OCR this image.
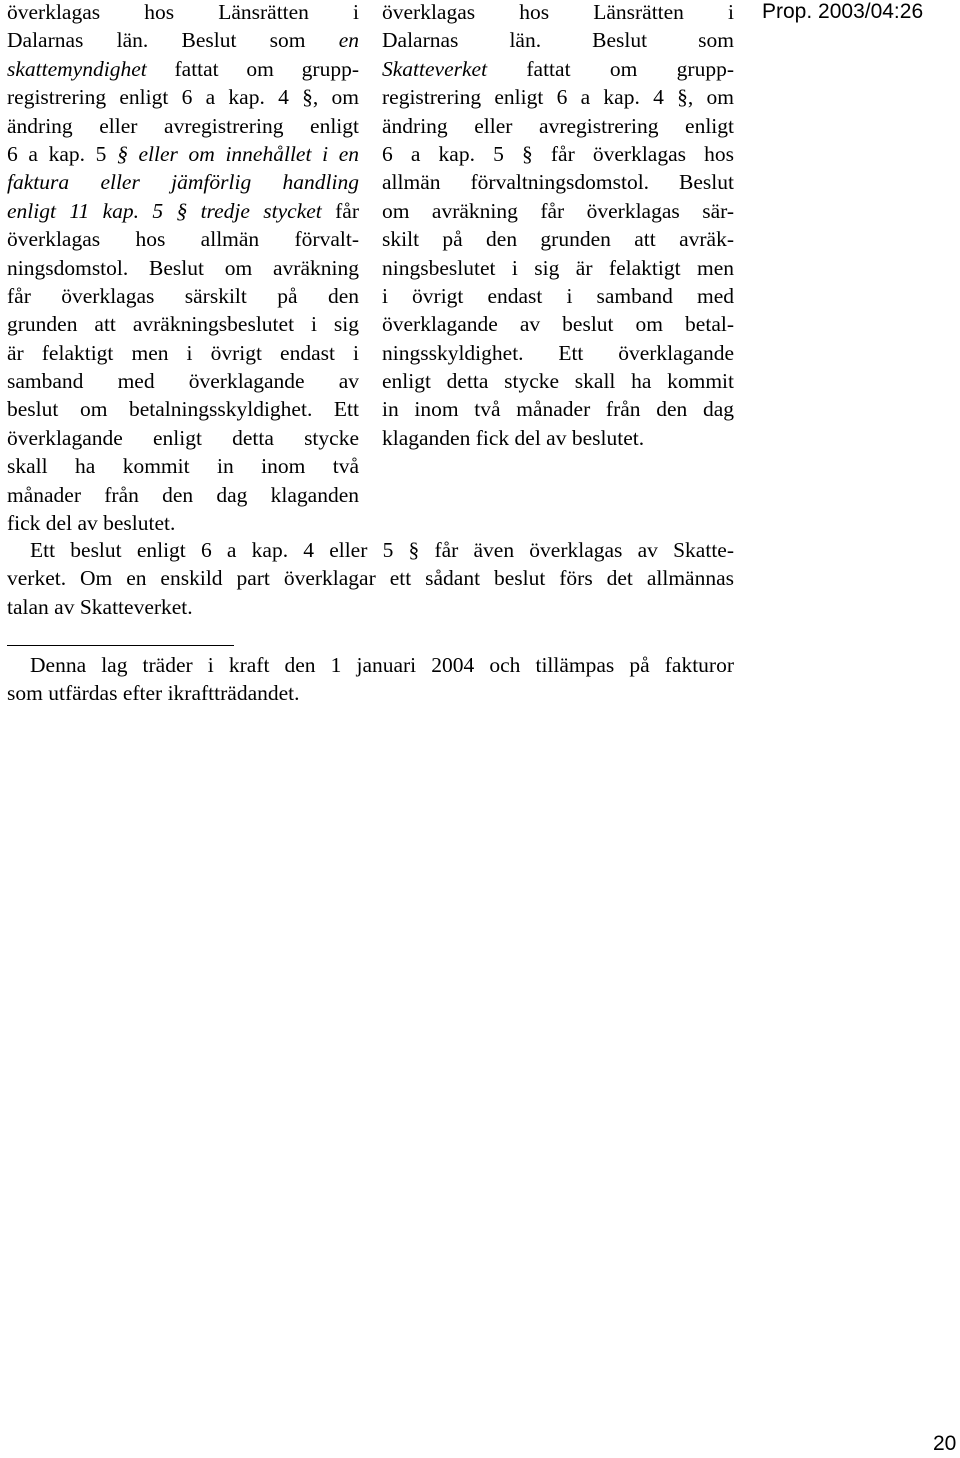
Prop. 2003/04:26
överklagas hos Länsrätten i
Dalarnas län. Beslut som en
skattemyndighet fattat om grupp-
registrering enligt 6 a kap. 4 §, om
ändring eller avregistrering enligt
6 a kap. 5 § eller om innehållet i en
faktura eller jämförlig handling
enligt 11 kap. 5 § tredje stycket får
överklagas hos allmän förvalt-
ningsdomstol. Beslut om avräkning
får överklagas särskilt på den
grunden att avräkningsbeslutet i sig
är felaktigt men i övrigt endast i
samband med överklagande av
beslut om betalningsskyldighet. Ett
överklagande enligt detta stycke
skall ha kommit in inom två
månader från den dag klaganden
fick del av beslutet.
överklagas hos Länsrätten i
Dalarnas län. Beslut som
Skatteverket fattat om grupp-
registrering enligt 6 a kap. 4 §, om
ändring eller avregistrering enligt
6 a kap. 5 § får överklagas hos
allmän förvaltningsdomstol. Beslut
om avräkning får överklagas sär-
skilt på den grunden att avräk-
ningsbeslutet i sig är felaktigt men
i övrigt endast i samband med
överklagande av beslut om betal-
ningsskyldighet. Ett överklagande
enligt detta stycke skall ha kommit
in inom två månader från den dag
klaganden fick del av beslutet.
Ett beslut enligt 6 a kap. 4 eller 5 § får även överklagas av Skatte-
verket. Om en enskild part överklagar ett sådant beslut förs det allmännas
talan av Skatteverket.
Denna lag träder i kraft den 1 januari 2004 och tillämpas på fakturor
som utfärdas efter ikraftträdandet.
20
